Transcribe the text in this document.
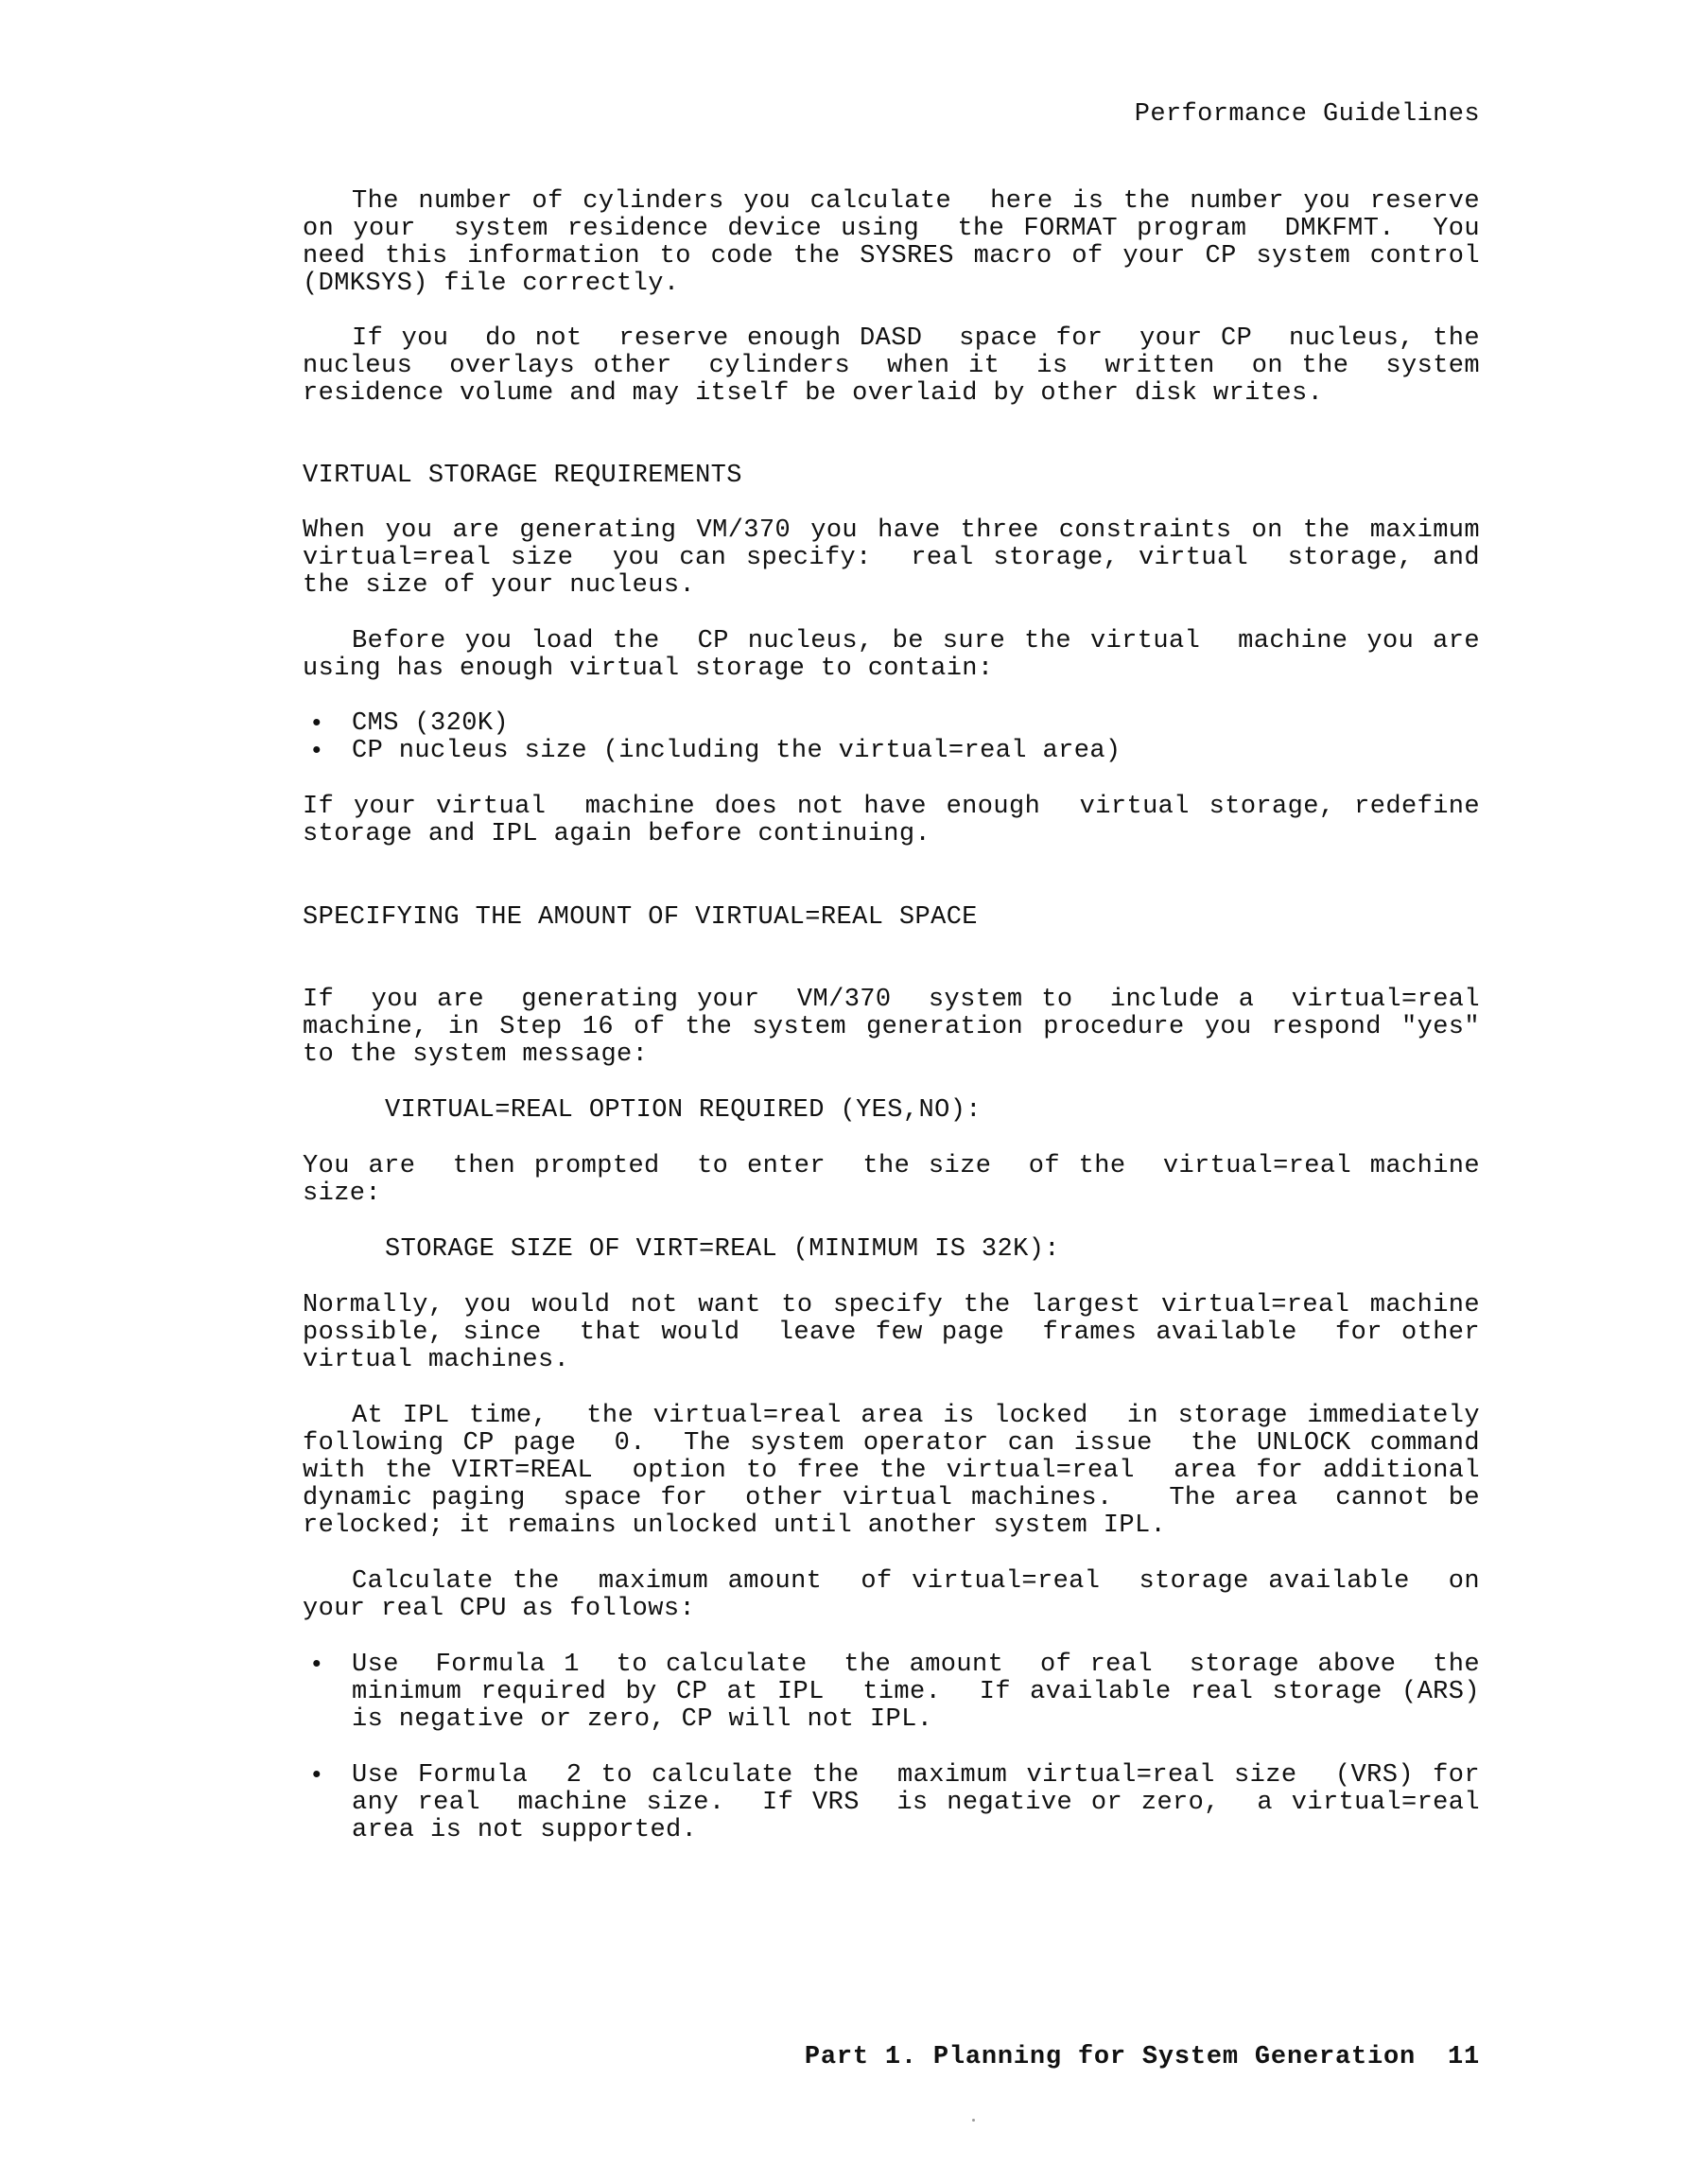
Performance Guidelines
The number of cylinders you calculate  here is the number you reserve
on your  system residence device using  the FORMAT program  DMKFMT.  You
need this information to code the SYSRES macro of your CP system control
(DMKSYS) file correctly.
If you  do not  reserve enough DASD  space for  your CP  nucleus, the
nucleus  overlays other  cylinders  when it  is  written  on the  system
residence volume and may itself be overlaid by other disk writes.
VIRTUAL STORAGE REQUIREMENTS
When you are generating VM/370 you have three constraints on the maximum
virtual=real size  you can specify:  real storage, virtual  storage, and
the size of your nucleus.
Before you load the  CP nucleus, be sure the virtual  machine you are
using has enough virtual storage to contain:
• CMS (320K)
• CP nucleus size (including the virtual=real area)
If your virtual  machine does not have enough  virtual storage, redefine
storage and IPL again before continuing.
SPECIFYING THE AMOUNT OF VIRTUAL=REAL SPACE
If  you are  generating your  VM/370  system to  include a  virtual=real
machine, in Step 16 of the system generation procedure you respond "yes"
to the system message:
VIRTUAL=REAL OPTION REQUIRED (YES,NO):
You are  then prompted  to enter  the size  of the  virtual=real machine
size:
STORAGE SIZE OF VIRT=REAL (MINIMUM IS 32K):
Normally, you would not want to specify the largest virtual=real machine
possible, since  that would  leave few page  frames available  for other
virtual machines.
At IPL time,  the virtual=real area is locked  in storage immediately
following CP page  0.  The system operator can issue  the UNLOCK command
with the VIRT=REAL  option to free the virtual=real  area for additional
dynamic paging  space for  other virtual machines.   The area  cannot be
relocked; it remains unlocked until another system IPL.
Calculate the  maximum amount  of virtual=real  storage available  on
your real CPU as follows:
• Use  Formula 1  to calculate  the amount  of real  storage above  the
minimum required by CP at IPL  time.  If available real storage (ARS)
is negative or zero, CP will not IPL.
• Use Formula  2 to calculate the  maximum virtual=real size  (VRS) for
any real  machine size.  If VRS  is negative or zero,  a virtual=real
area is not supported.
Part 1. Planning for System Generation 11
